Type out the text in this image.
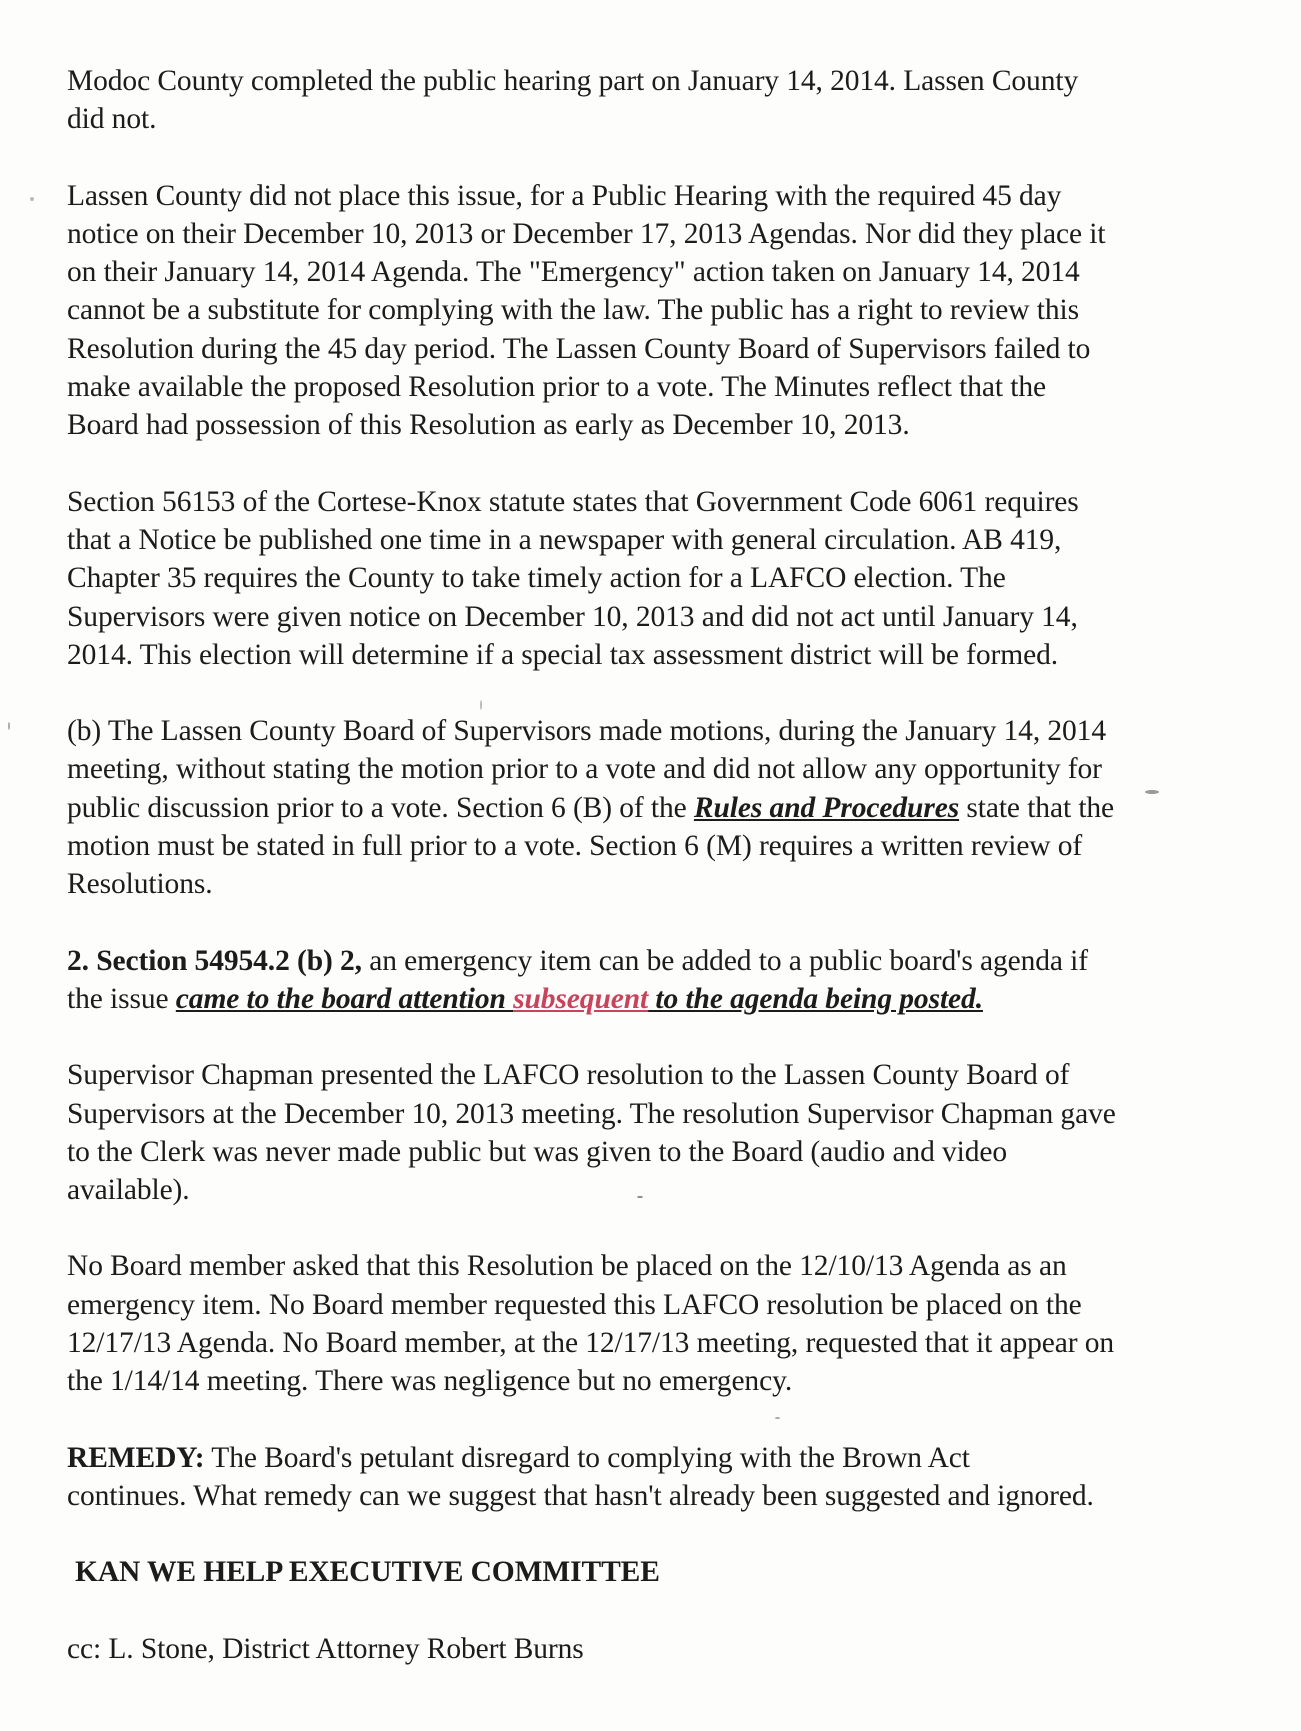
Modoc County completed the public hearing part on January 14, 2014. Lassen County

did not.

Lassen County did not place this issue, for a Public Hearing with the required 45 day

notice on their December 10, 2013 or December 17, 2013 Agendas. Nor did they place it

on their January 14, 2014 Agenda. The "Emergency" action taken on January 14, 2014

cannot be a substitute for complying with the law. The public has a right to review this

Resolution during the 45 day period. The Lassen County Board of Supervisors failed to

make available the proposed Resolution prior to a vote. The Minutes reflect that the

Board had possession of this Resolution as early as December 10, 2013.

Section 56153 of the Cortese-Knox statute states that Government Code 6061 requires

that a Notice be published one time in a newspaper with general circulation. AB 419,

Chapter 35 requires the County to take timely action for a LAFCO election. The

Supervisors were given notice on December 10, 2013 and did not act until January 14,

2014. This election will determine if a special tax assessment district will be formed.

(b) The Lassen County Board of Supervisors made motions, during the January 14, 2014

meeting, without stating the motion prior to a vote and did not allow any opportunity for

public discussion prior to a vote. Section 6 (B) of the Rules and Procedures state that the

motion must be stated in full prior to a vote. Section 6 (M) requires a written review of

Resolutions.

2. Section 54954.2 (b) 2, an emergency item can be added to a public board's agenda if

the issue came to the board attention subsequent to the agenda being posted.

Supervisor Chapman presented the LAFCO resolution to the Lassen County Board of

Supervisors at the December 10, 2013 meeting. The resolution Supervisor Chapman gave

to the Clerk was never made public but was given to the Board (audio and video

available).

No Board member asked that this Resolution be placed on the 12/10/13 Agenda as an

emergency item. No Board member requested this LAFCO resolution be placed on the

12/17/13 Agenda. No Board member, at the 12/17/13 meeting, requested that it appear on

the 1/14/14 meeting. There was negligence but no emergency.

REMEDY: The Board's petulant disregard to complying with the Brown Act

continues. What remedy can we suggest that hasn't already been suggested and ignored.

KAN WE HELP EXECUTIVE COMMITTEE

cc: L. Stone, District Attorney Robert Burns
